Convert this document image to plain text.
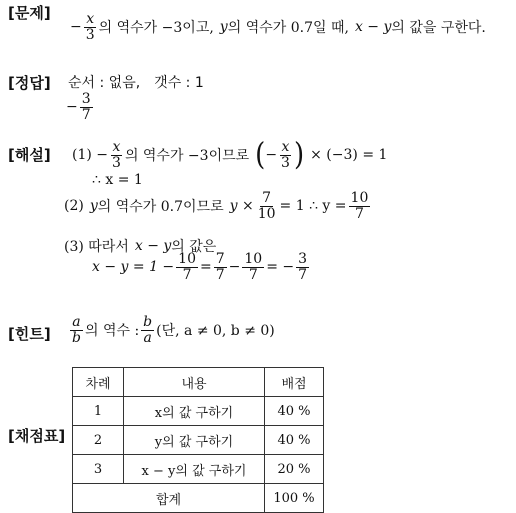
[문제]
[정답]
[해설]
[힌트]
[채점표]
− $\frac{x}{3}$ 의 역수가 −3이고, y 의 역수가 0.7일 때, x − y 의 값을 구한다.
순서 : 없음, 갯수 : 1
− $\frac{3}{7}$
$(1) - \frac{x}{3}$ 의 역수가 −3이므로 ( − $\frac{x}{3}$ ) × (−3) = 1
∴ x = 1
(2) y 의 역수가 0.7이므로 $y \times \frac{7}{10} = 1$ ∴ $y = \frac{10}{7}$
(3) 따라서 x − y 의 값은
$x - y = 1 - \frac{10}{7} = \frac{7}{7} - \frac{10}{7}$ = − $\frac{3}{7}$
$\frac{a}{b}$ 의 역수 : $\frac{b}{a}$ (단, a ≠ 0, b ≠ 0)
차례	내용	배점
1	x의 값 구하기	40 %
2	y의 값 구하기	40 %
3	x − y의 값 구하기	20 %
합계		100 %
